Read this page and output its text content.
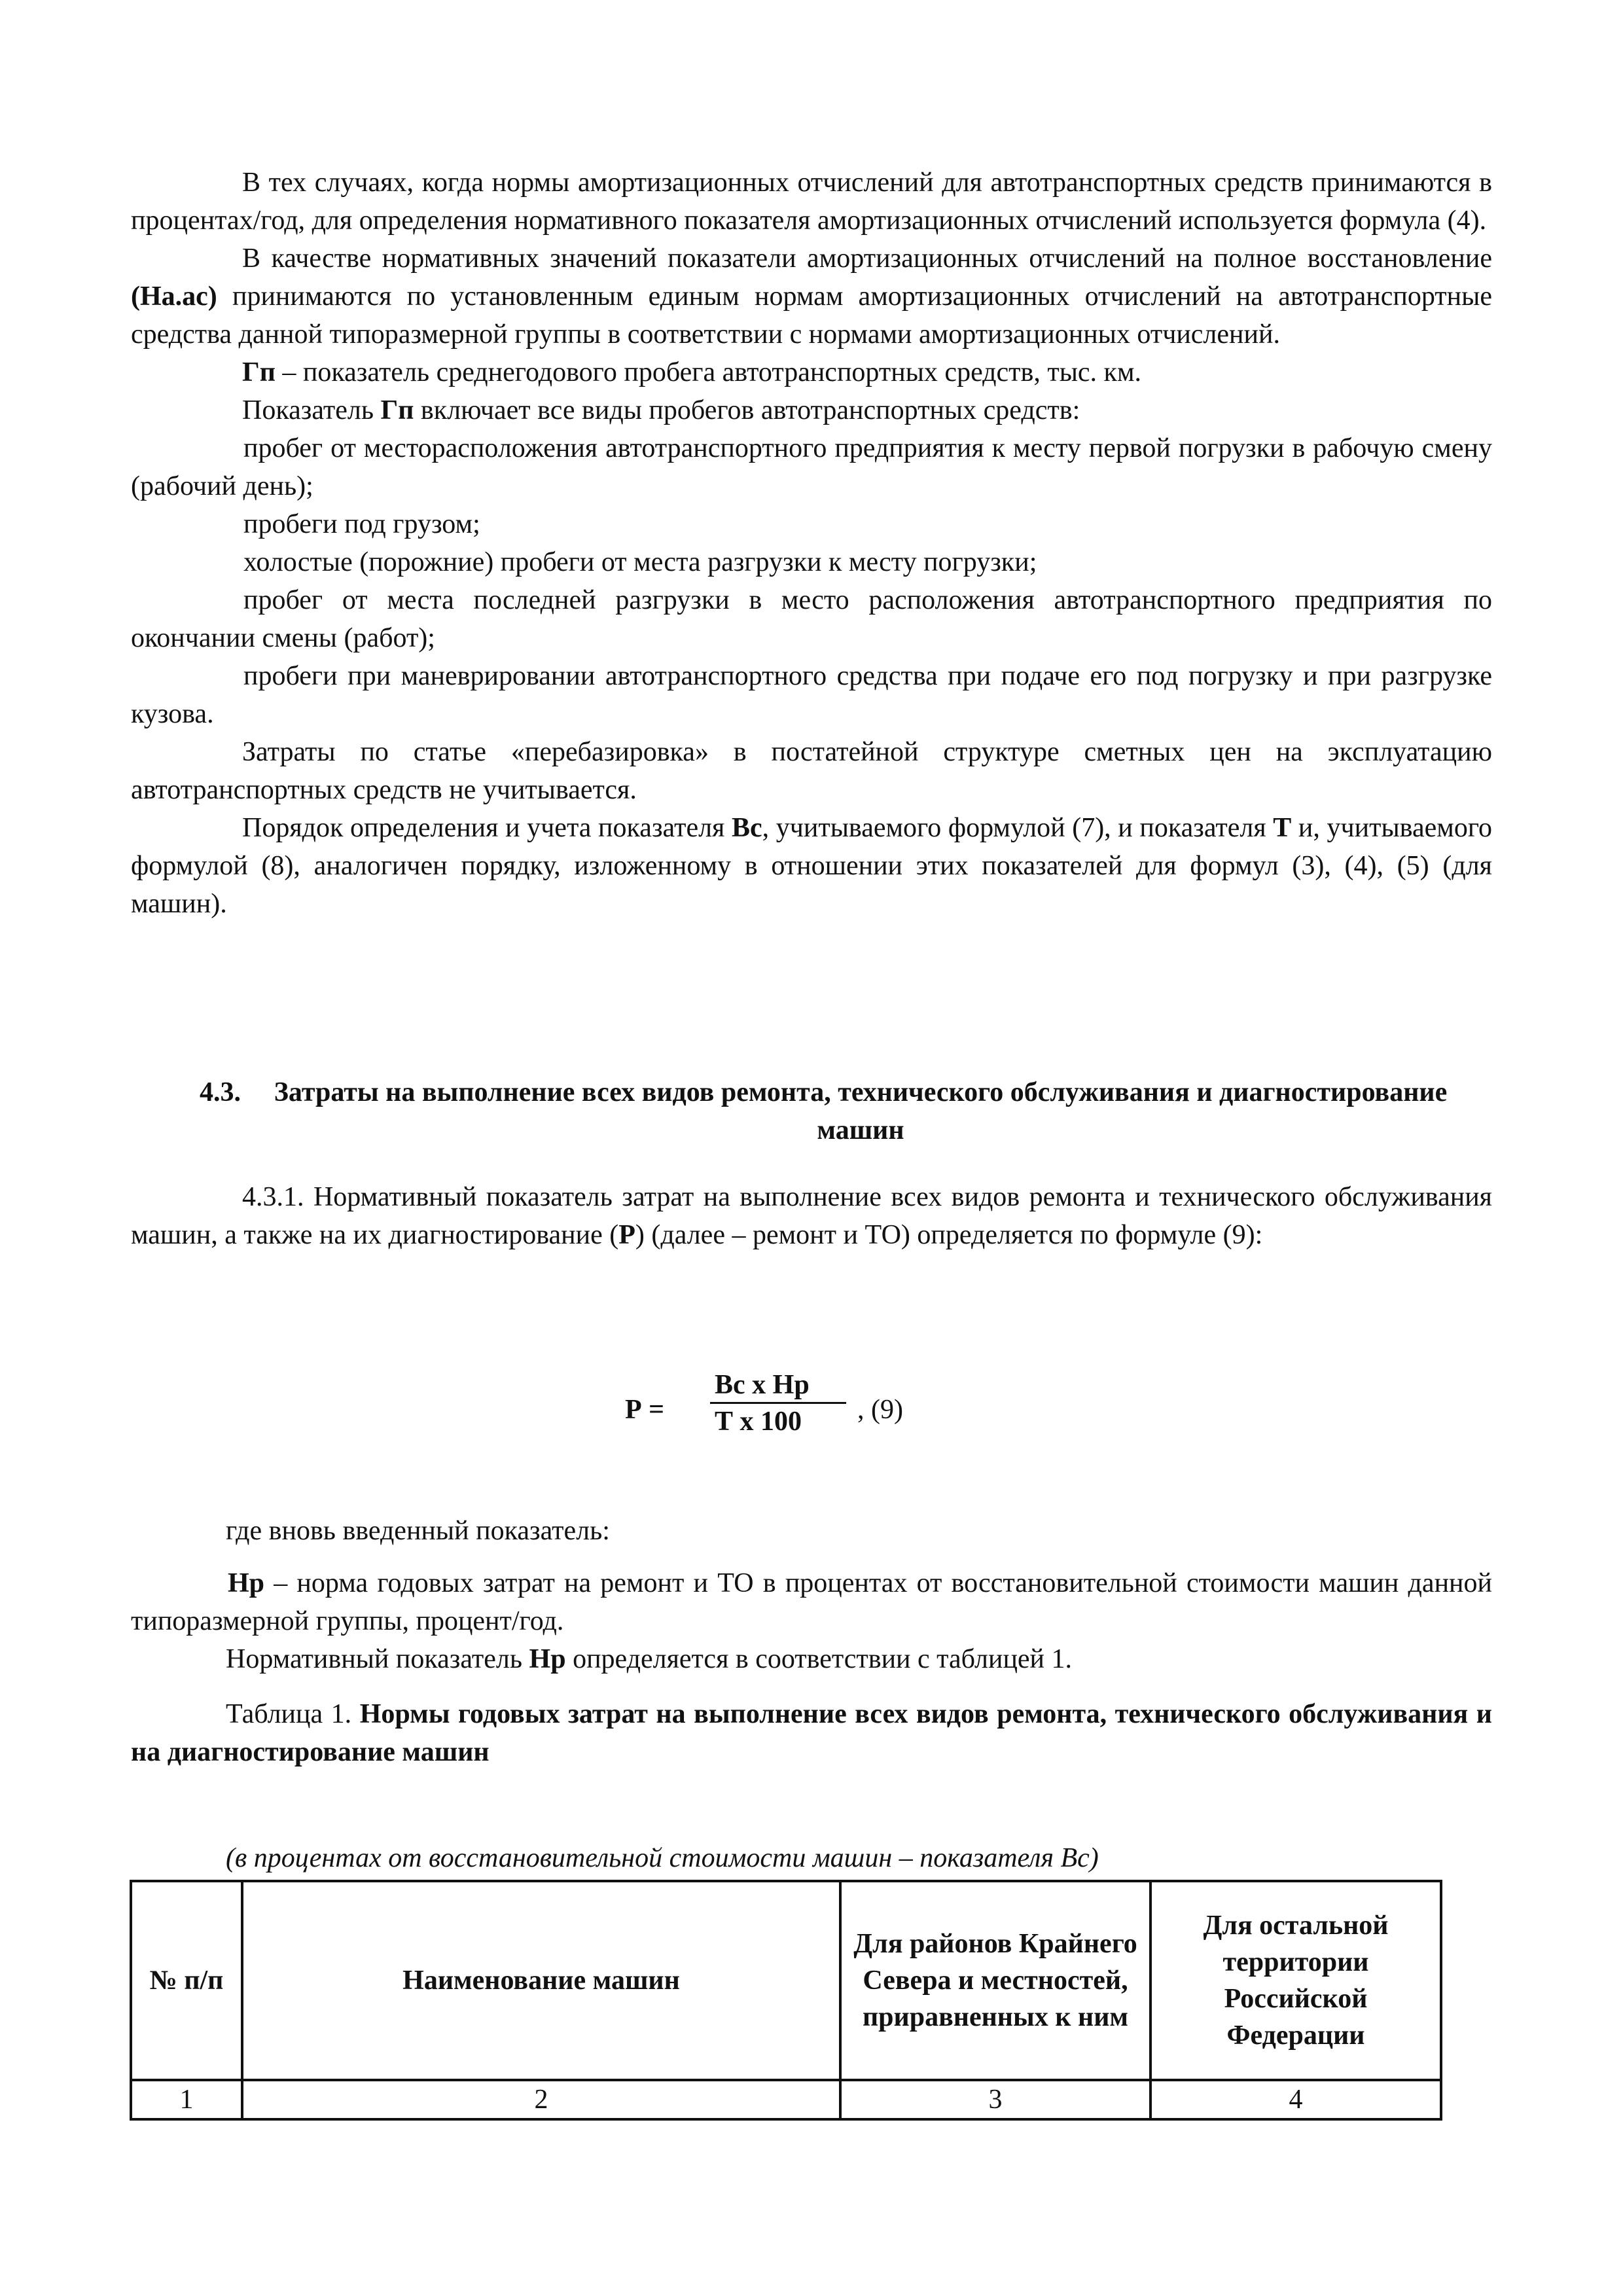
В тех случаях, когда нормы амортизационных отчислений для автотранспортных средств принимаются в процентах/год, для определения нормативного показателя амортизационных отчислений используется формула (4).

В качестве нормативных значений показатели амортизационных отчислений на полное восстановление (На.ас) принимаются по установленным единым нормам амортизационных отчислений на автотранспортные средства данной типоразмерной группы в соответствии с нормами амортизационных отчислений.

Гп – показатель среднегодового пробега автотранспортных средств, тыс. км.

Показатель Гп включает все виды пробегов автотранспортных средств:

пробег от месторасположения автотранспортного предприятия к месту первой погрузки в рабочую смену (рабочий день);

пробеги под грузом;

холостые (порожние) пробеги от места разгрузки к месту погрузки;

пробег от места последней разгрузки в место расположения автотранспортного предприятия по окончании смены (работ);

пробеги при маневрировании автотранспортного средства при подаче его под погрузку и при разгрузке кузова.

Затраты по статье «перебазировка» в постатейной структуре сметных цен на эксплуатацию автотранспортных средств не учитывается.

Порядок определения и учета показателя Вс, учитываемого формулой (7), и показателя Т и, учитываемого формулой (8), аналогичен порядку, изложенному в отношении этих показателей для формул (3), (4), (5) (для машин).

4.3.	Затраты на выполнение всех видов ремонта, технического обслуживания и диагностирование машин

4.3.1. Нормативный показатель затрат на выполнение всех видов ремонта и технического обслуживания машин, а также на их диагностирование (Р) (далее – ремонт и ТО) определяется по формуле (9):

Р =
Вс х Нр
Т х 100 , (9)

где вновь введенный показатель:

Нр – норма годовых затрат на ремонт и ТО в процентах от восстановительной стоимости машин данной типоразмерной группы, процент/год.

Нормативный показатель Нр определяется в соответствии с таблицей 1.

Таблица 1. Нормы годовых затрат на выполнение всех видов ремонта, технического обслуживания и на диагностирование машин

(в процентах от восстановительной стоимости машин – показателя Вс)
№ п/п	Наименование машин	Для районов Крайнего Севера и местностей, приравненных к ним	Для остальной территории Российской Федерации
1	2	3	4
